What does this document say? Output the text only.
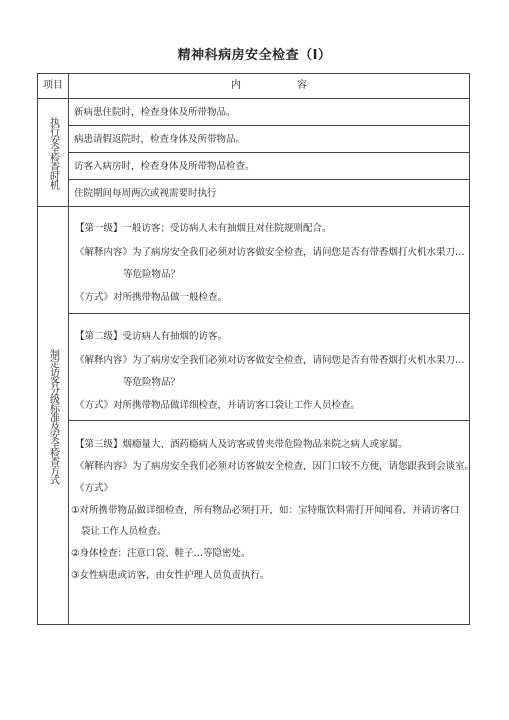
精神科病房安全检查（I）
项目	内	容
执行安全检查时机
新病患住院时，检查身体及所带物品。
病患请假返院时，检查身体及所带物品。
访客入病房时，检查身体及所带物品检查。
住院期间每周两次或视需要时执行
制定访客分级标准及安全检查方式
【第一级】一般访客；受访病人未有抽烟且对住院规则配合。
《解释内容》为了病房安全我们必须对访客做安全检查，请问您是否有带香烟打火机水果刀…
等危险物品？
《方式》对所携带物品做一般检查。
【第二级】受访病人有抽烟的访客。
《解释内容》为了病房安全我们必须对访客做安全检查，请问您是否有带香烟打火机水果刀…
等危险物品？
《方式》对所携带物品做详细检查，并请访客口袋让工作人员检查。
【第三级】烟瘾量大、酒药瘾病人及访客或曾夹带危险物品来院之病人或家属。
《解释内容》为了病房安全我们必须对访客做安全检查，因门口较不方便，请您跟我到会谈室。
《方式》
①对所携带物品做详细检查，所有物品必须打开，如：宝特瓶饮料需打开闻闻看，并请访客口
袋让工作人员检查。
②身体检查：注意口袋、鞋子…等隐密处。
③女性病患或访客，由女性护理人员负责执行。
